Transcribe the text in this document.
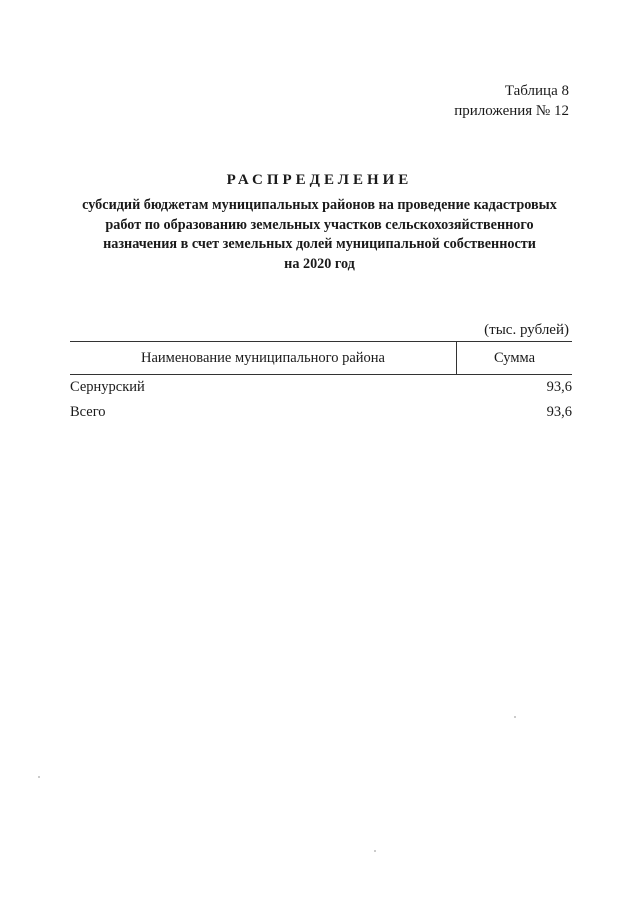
Таблица 8
приложения № 12
РАСПРЕДЕЛЕНИЕ
субсидий бюджетам муниципальных районов на проведение кадастровых
работ по образованию земельных участков сельскохозяйственного
назначения в счет земельных долей муниципальной собственности
на 2020 год
(тыс. рублей)
Наименование муниципального района	Сумма
Сернурский	93,6
Всего	93,6
